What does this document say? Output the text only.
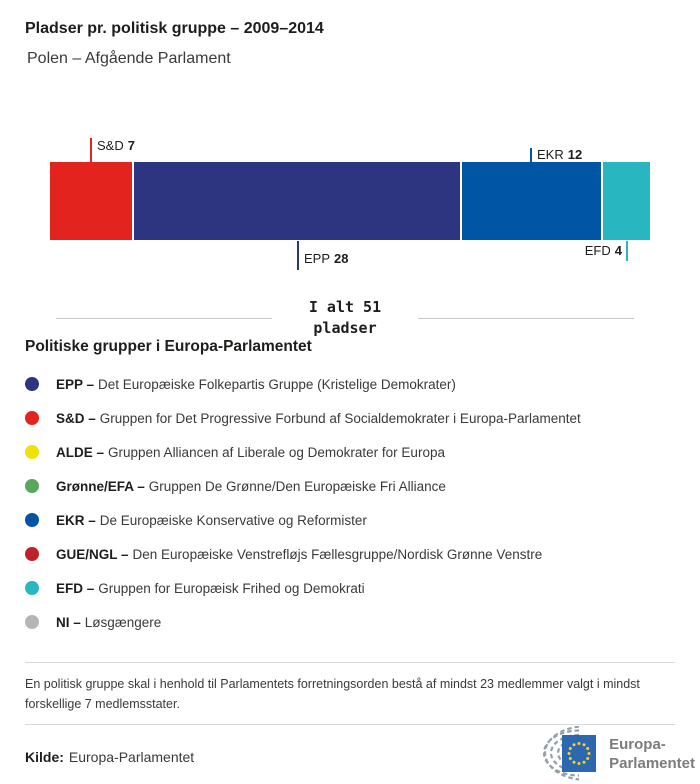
Pladser pr. politisk gruppe – 2009–2014
Polen – Afgående Parlament
S&D 7
EKR 12
EPP 28
EFD 4
I alt 51
pladser
Politiske grupper i Europa-Parlamentet
EPP – Det Europæiske Folkepartis Gruppe (Kristelige Demokrater)
S&D – Gruppen for Det Progressive Forbund af Socialdemokrater i Europa-Parlamentet
ALDE – Gruppen Alliancen af Liberale og Demokrater for Europa
Grønne/EFA – Gruppen De Grønne/Den Europæiske Fri Alliance
EKR – De Europæiske Konservative og Reformister
GUE/NGL – Den Europæiske Venstrefløjs Fællesgruppe/Nordisk Grønne Venstre
EFD – Gruppen for Europæisk Frihed og Demokrati
NI – Løsgængere
En politisk gruppe skal i henhold til Parlamentets forretningsorden bestå af mindst 23 medlemmer valgt i mindst forskellige 7 medlemsstater.
Kilde: Europa-Parlamentet
Europa-
Parlamentet
